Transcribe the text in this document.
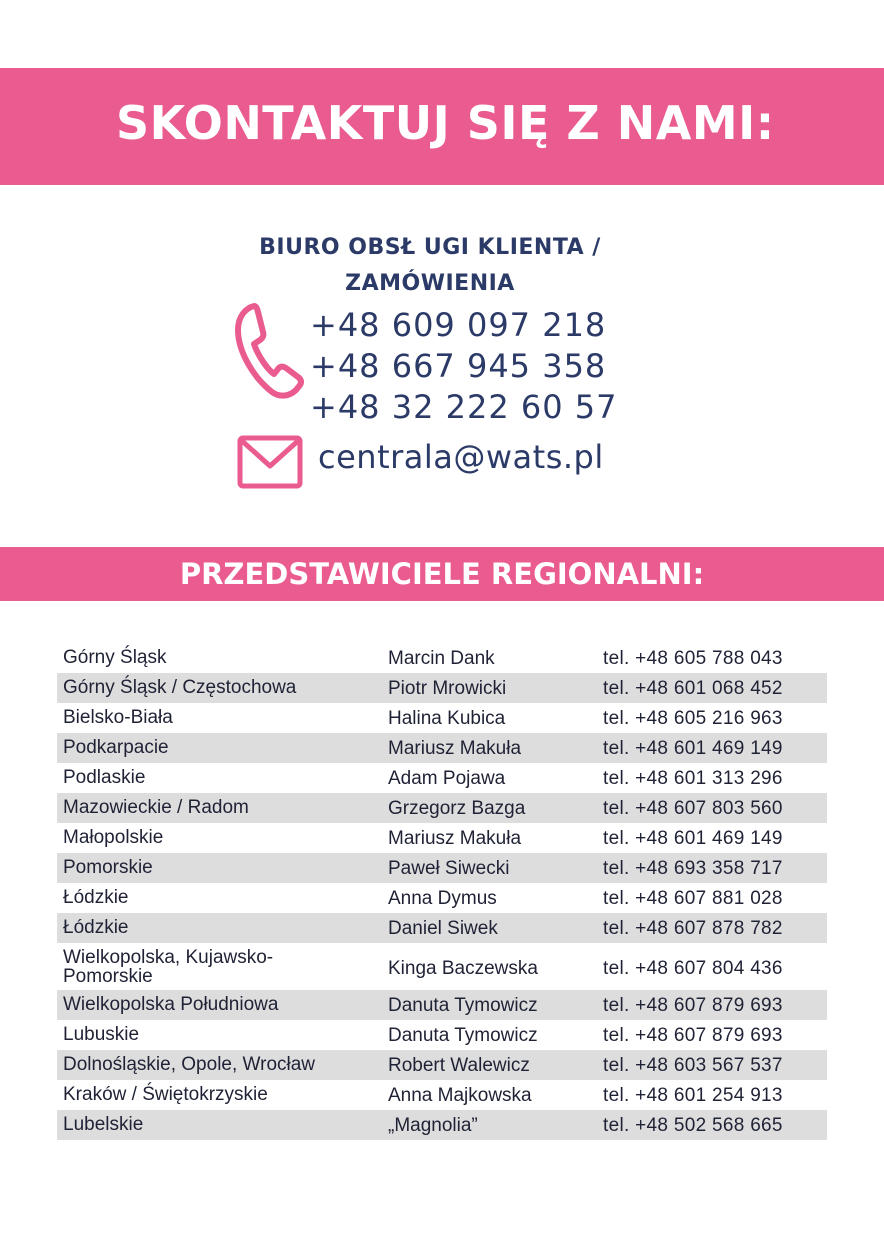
SKONTAKTUJ SIĘ Z NAMI:
BIURO OBSŁ UGI KLIENTA /
ZAMÓWIENIA
+48 609 097 218
+48 667 945 358
+48 32 222 60 57
centrala@wats.pl
PRZEDSTAWICIELE REGIONALNI:
Górny Śląsk	Marcin Dank	tel. +48 605 788 043
Górny Śląsk / Częstochowa	Piotr Mrowicki	tel. +48 601 068 452
Bielsko-Biała	Halina Kubica	tel. +48 605 216 963
Podkarpacie	Mariusz Makuła	tel. +48 601 469 149
Podlaskie	Adam Pojawa	tel. +48 601 313 296
Mazowieckie / Radom	Grzegorz Bazga	tel. +48 607 803 560
Małopolskie	Mariusz Makuła	tel. +48 601 469 149
Pomorskie	Paweł Siwecki	tel. +48 693 358 717
Łódzkie	Anna Dymus	tel. +48 607 881 028
Łódzkie	Daniel Siwek	tel. +48 607 878 782
Wielkopolska, Kujawsko-Pomorskie	Kinga Baczewska	tel. +48 607 804 436
Wielkopolska Południowa	Danuta Tymowicz	tel. +48 607 879 693
Lubuskie	Danuta Tymowicz	tel. +48 607 879 693
Dolnośląskie, Opole, Wrocław	Robert Walewicz	tel. +48 603 567 537
Kraków / Świętokrzyskie	Anna Majkowska	tel. +48 601 254 913
Lubelskie	„Magnolia”	tel. +48 502 568 665
